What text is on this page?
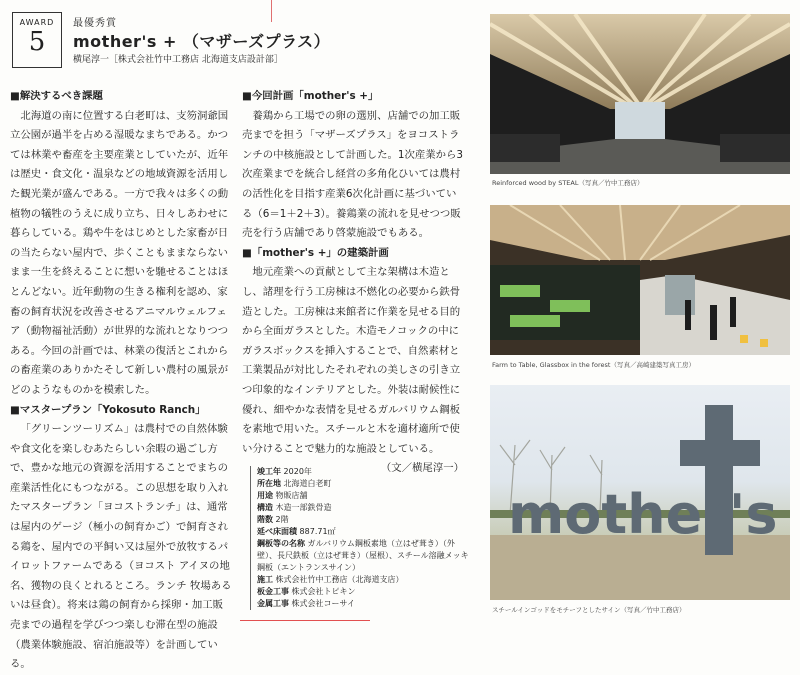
AWARD
5
最優秀賞
mother's + （マザーズプラス）
横尾淳一［株式会社竹中工務店 北海道支店設計部］

■解決するべき課題

北海道の南に位置する白老町は、支笏洞爺国立公園が過半を占める湿暖なまちである。かつては林業や畜産を主要産業としていたが、近年は歴史・食文化・温泉などの地域資源を活用した観光業が盛んである。一方で我々は多くの動植物の犠牲のうえに成り立ち、日々しあわせに暮らしている。鶏や牛をはじめとした家畜が日の当たらない屋内で、歩くこともままならないまま一生を終えることに想いを馳せることはほとんどない。近年動物の生きる権利を認め、家畜の飼育状況を改善させるアニマルウェルフェア（動物福祉活動）が世界的な流れとなりつつある。今回の計画では、林業の復活とこれからの畜産業のありかたそして新しい農村の風景がどのようなものかを模索した。

■マスタープラン「Yokosuto Ranch」

「グリーンツーリズム」は農村での自然体験や食文化を楽しむあたらしい余暇の過ごし方で、豊かな地元の資源を活用することでまちの産業活性化にもつながる。この思想を取り入れたマスタープラン「ヨコストランチ」は、通常は屋内のゲージ（極小の飼育かご）で飼育される鶏を、屋内での平飼い又は屋外で放牧するパイロットファームである（ヨコスト アイヌの地名、獲物の良くとれるところ。ランチ 牧場あるいは昼食）。将来は鶏の飼育から採卵・加工販売までの過程を学びつつ楽しむ滞在型の施設（農業体験施設、宿泊施設等）を計画している。

■今回計画「mother's +」

養鶏から工場での卵の選別、店舗での加工販売までを担う「マザーズプラス」をヨコストランチの中核施設として計画した。1次産業から3次産業までを統合し経営の多角化ひいては農村の活性化を目指す産業6次化計画に基づいている（6＝1＋2＋3）。養鶏業の流れを見せつつ販売を行う店舗であり啓蒙施設でもある。

■「mother's +」の建築計画

地元産業への貢献として主な架構は木造とし、諸理を行う工房棟は不燃化の必要から鉄骨造とした。工房棟は来館者に作業を見せる目的から全面ガラスとした。木造モノコックの中にガラスボックスを挿入することで、自然素材と工業製品が対比したそれぞれの美しさの引き立つ印象的なインテリアとした。外装は耐候性に優れ、細やかな表情を見せるガルバリウム鋼板を素地で用いた。スチールと木を適材適所で使い分けることで魅力的な施設としている。

（文／横尾淳一）

竣工年 2020年

所在地 北海道白老町

用途 物販店舗

構造 木造一部鉄骨造

階数 2階

延べ床面積 887.71㎡

鋼板等の名称 ガルバリウム鋼板素地（立はぜ葺き）（外壁）、長尺鉄板（立はぜ葺き）（屋根）、スチール溶融メッキ鋼板（エントランスサイン）

施工 株式会社竹中工務店（北海道支店）

板金工事 株式会社トピキン

金属工事 株式会社コーサイ

Reinforced wood by STEAL（写真／竹中工務店）
Farm to Table, Glassbox in the forest（写真／高崎建築写真工房）
mother's
スチールインゴッドをモチーフとしたサイン（写真／竹中工務店）
